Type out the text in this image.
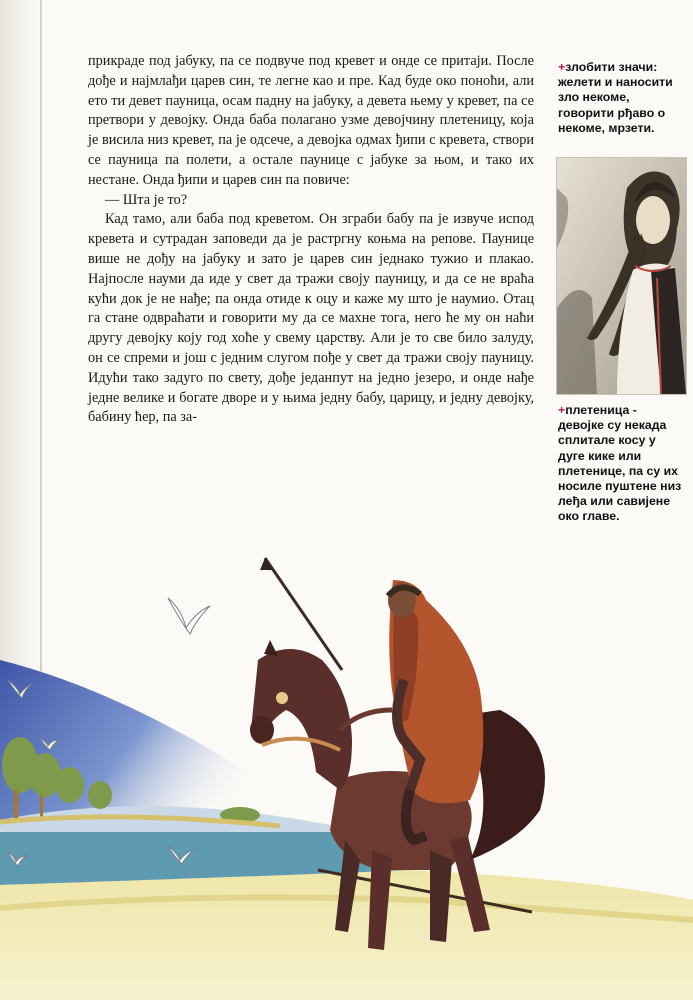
прикраде под јабуку, па се подвуче под кревет и онде се притаји. После дође и најмлађи царев син, те легне као и пре. Кад буде око поноћи, али ето ти девет пауница, осам падну на јабуку, а девета њему у кревет, па се претвори у девојку. Онда баба полагано узме девојчину плетеницу, која је висила низ кревет, па је одсече, а девојка одмах ђипи с кревета, створи се пауница па полети, а остале паунице с јабуке за њом, и тако их нестане. Онда ђипи и царев син па повиче:

— Шта је то?

Кад тамо, али баба под креветом. Он зграби бабу па је извуче испод кревета и сутрадан заповеди да је растргну коњма на репове. Паунице више не дођу на јабуку и зато је царев син једнако тужио и плакао. Најпосле науми да иде у свет да тражи своју пауницу, и да се не враћа кући док је не нађе; па онда отиде к оцу и каже му што је наумио. Отац га стане одвраћати и говорити му да се махне тога, него ће му он наћи другу девојку коју год хоће у свему царству. Али је то све било залуду, он се спреми и још с једним слугом пође у свет да тражи своју пауницу. Идући тако задуго по свету, дође једанпут на једно језеро, и онде нађе једне велике и богате дворе и у њима једну бабу, царицу, и једну девојку, бабину ћер, па за-

+злобити значи: желети и наносити зло некоме, говорити рђаво о некоме, мрзети.
+плетеница - девојке су некада сплитале косу у дуге кике или плетенице, па су их носиле пуштене низ леђа или савијене око главе.
